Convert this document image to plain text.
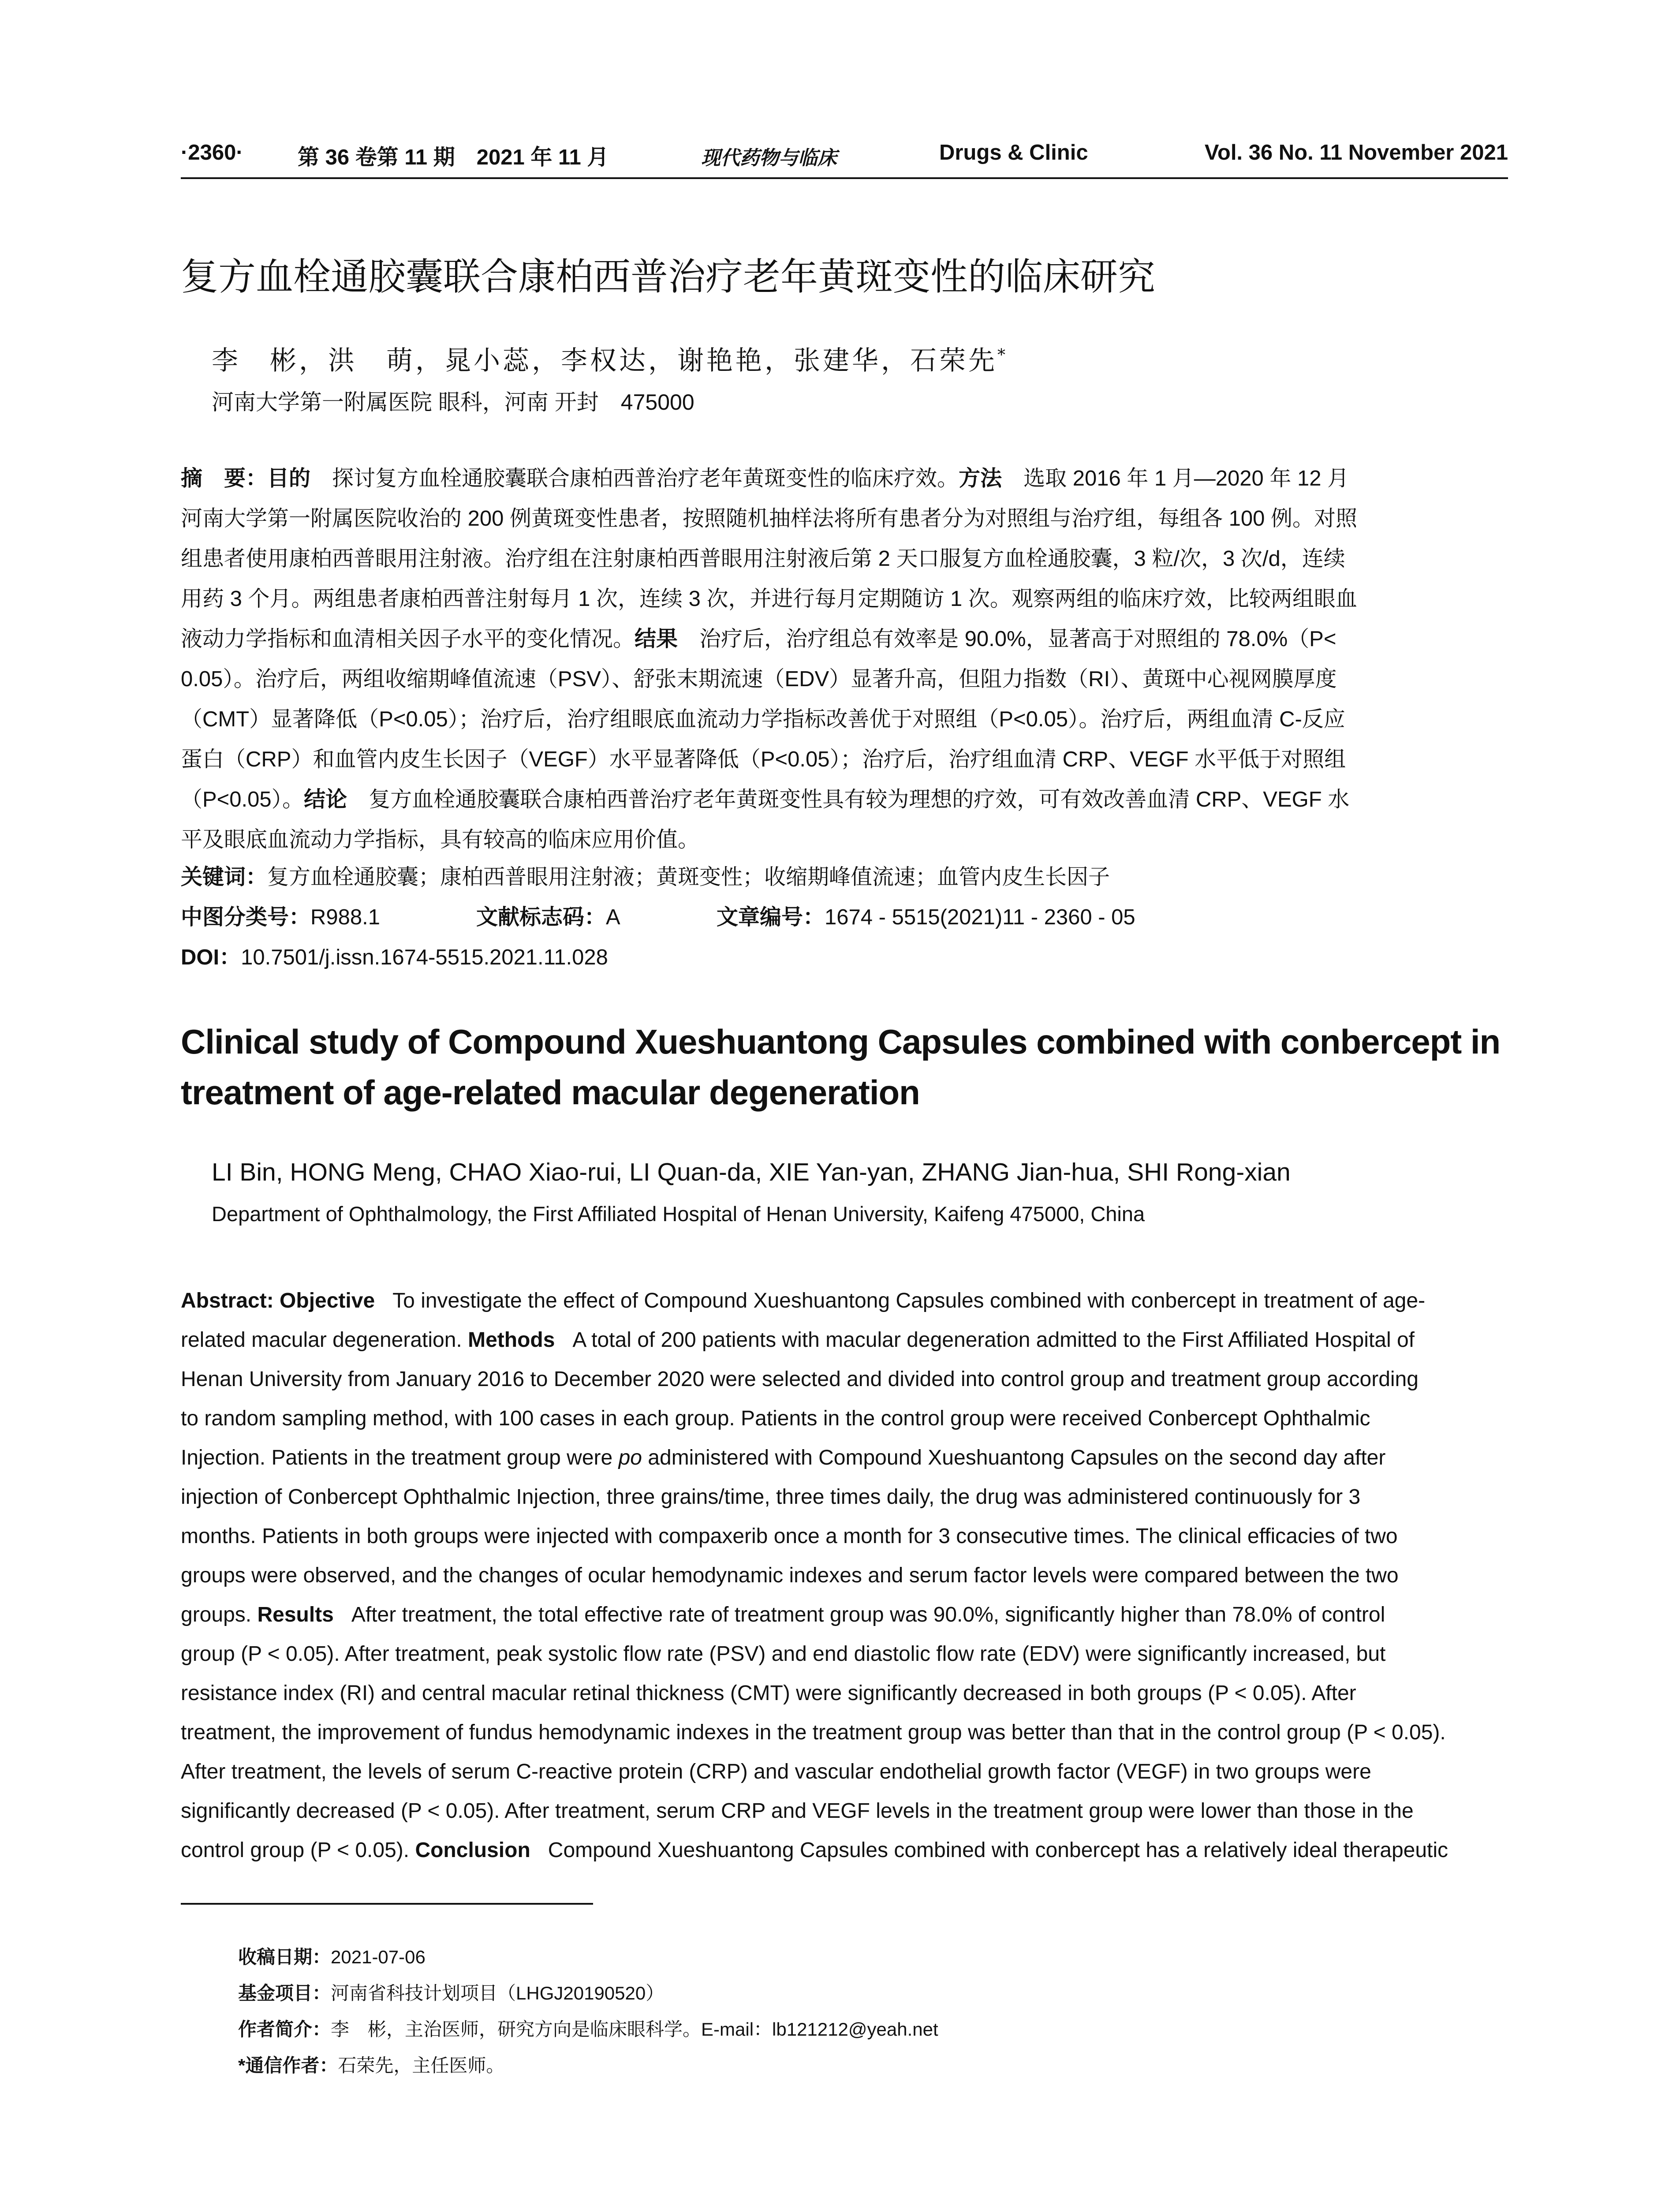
·2360·	第 36 卷第 11 期　2021 年 11 月	现代药物与临床	Drugs & Clinic	Vol. 36 No. 11 November 2021
复方血栓通胶囊联合康柏西普治疗老年黄斑变性的临床研究
李　彬，洪　萌，晁小蕊，李权达，谢艳艳，张建华，石荣先*
河南大学第一附属医院 眼科，河南 开封　475000
摘　要：目的　 探讨复方血栓通胶囊联合康柏西普治疗老年黄斑变性的临床疗效。方法　 选取 2016 年 1 月—2020 年 12 月
河南大学第一附属医院收治的 200 例黄斑变性患者，按照随机抽样法将所有患者分为对照组与治疗组，每组各 100 例。对照
组患者使用康柏西普眼用注射液。治疗组在注射康柏西普眼用注射液后第 2 天口服复方血栓通胶囊，3 粒/次，3 次/d，连续
用药 3 个月。两组患者康柏西普注射每月 1 次，连续 3 次，并进行每月定期随访 1 次。观察两组的临床疗效，比较两组眼血
液动力学指标和血清相关因子水平的变化情况。结果　 治疗后，治疗组总有效率是 90.0%，显著高于对照组的 78.0%（P<
0.05）。治疗后，两组收缩期峰值流速（PSV）、舒张末期流速（EDV）显著升高，但阻力指数（RI）、黄斑中心视网膜厚度
（CMT）显著降低（P<0.05）；治疗后，治疗组眼底血流动力学指标改善优于对照组（P<0.05）。治疗后，两组血清 C-反应
蛋白（CRP）和血管内皮生长因子（VEGF）水平显著降低（P<0.05）；治疗后，治疗组血清 CRP、VEGF 水平低于对照组
（P<0.05）。结论　 复方血栓通胶囊联合康柏西普治疗老年黄斑变性具有较为理想的疗效，可有效改善血清 CRP、VEGF 水
平及眼底血流动力学指标，具有较高的临床应用价值。
关键词：复方血栓通胶囊；康柏西普眼用注射液；黄斑变性；收缩期峰值流速；血管内皮生长因子
中图分类号：R988.1	文献标志码：A	文章编号：1674 - 5515(2021)11 - 2360 - 05
DOI：10.7501/j.issn.1674-5515.2021.11.028
Clinical study of Compound Xueshuantong Capsules combined with conbercept in treatment of age-related macular degeneration
LI Bin, HONG Meng, CHAO Xiao-rui, LI Quan-da, XIE Yan-yan, ZHANG Jian-hua, SHI Rong-xian
Department of Ophthalmology, the First Affiliated Hospital of Henan University, Kaifeng 475000, China
Abstract: Objective To investigate the effect of Compound Xueshuantong Capsules combined with conbercept in treatment of age-
related macular degeneration. Methods A total of 200 patients with macular degeneration admitted to the First Affiliated Hospital of
Henan University from January 2016 to December 2020 were selected and divided into control group and treatment group according
to random sampling method, with 100 cases in each group. Patients in the control group were received Conbercept Ophthalmic
Injection. Patients in the treatment group were po administered with Compound Xueshuantong Capsules on the second day after
injection of Conbercept Ophthalmic Injection, three grains/time, three times daily, the drug was administered continuously for 3
months. Patients in both groups were injected with compaxerib once a month for 3 consecutive times. The clinical efficacies of two
groups were observed, and the changes of ocular hemodynamic indexes and serum factor levels were compared between the two
groups. Results After treatment, the total effective rate of treatment group was 90.0%, significantly higher than 78.0% of control
group (P < 0.05). After treatment, peak systolic flow rate (PSV) and end diastolic flow rate (EDV) were significantly increased, but
resistance index (RI) and central macular retinal thickness (CMT) were significantly decreased in both groups (P < 0.05). After
treatment, the improvement of fundus hemodynamic indexes in the treatment group was better than that in the control group (P < 0.05).
After treatment, the levels of serum C-reactive protein (CRP) and vascular endothelial growth factor (VEGF) in two groups were
significantly decreased (P < 0.05). After treatment, serum CRP and VEGF levels in the treatment group were lower than those in the
control group (P < 0.05). Conclusion Compound Xueshuantong Capsules combined with conbercept has a relatively ideal therapeutic
收稿日期：2021-07-06
基金项目：河南省科技计划项目（LHGJ20190520）
作者简介：李　彬，主治医师，研究方向是临床眼科学。E-mail：lb121212@yeah.net
*通信作者：石荣先，主任医师。
